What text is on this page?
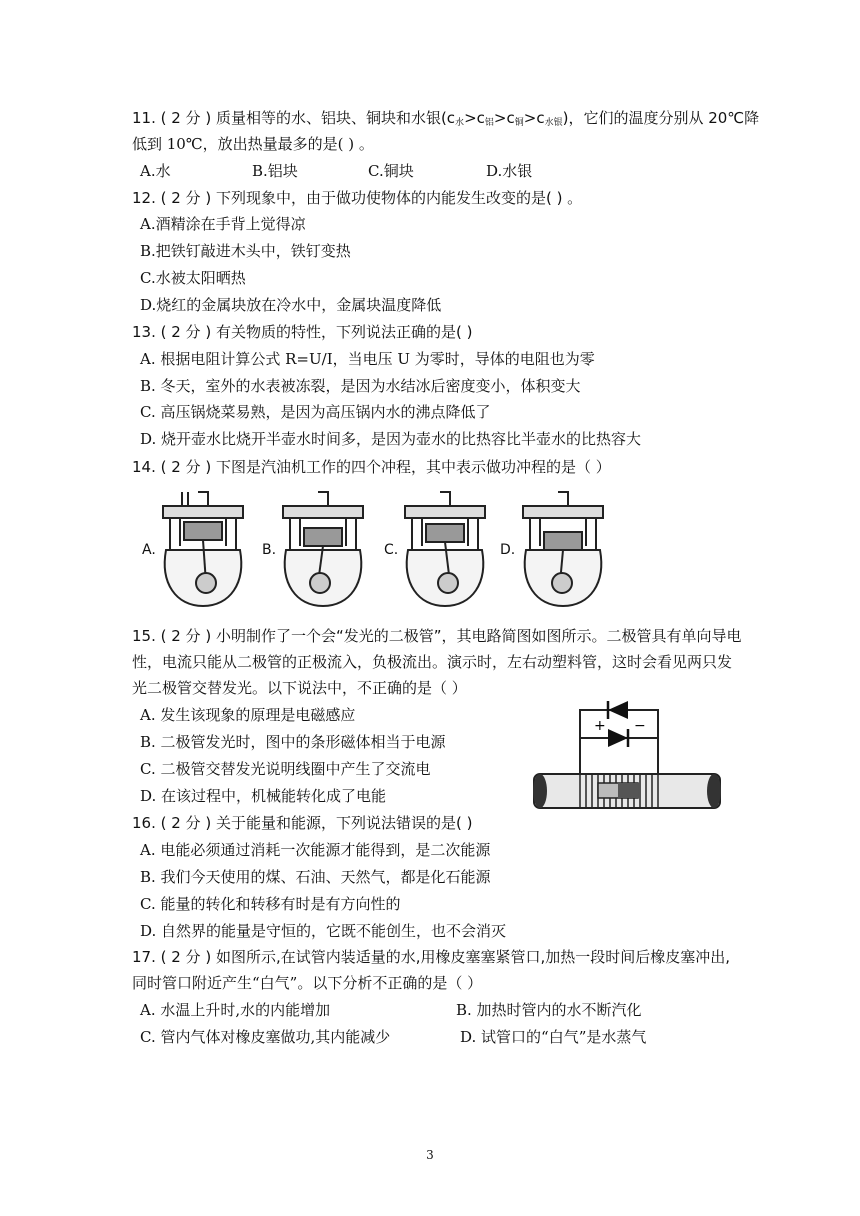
11. ( 2 分 ) 质量相等的水、铝块、铜块和水银$(c_水>c_铝>c_铜>c_{水银})$，它们的温度分别从 20℃降
低到 10℃，放出热量最多的是( ) 。
A.水	B.铝块	C.铜块	D.水银
12. ( 2 分 ) 下列现象中，由于做功使物体的内能发生改变的是( ) 。
A.酒精涂在手背上觉得凉
B.把铁钉敲进木头中，铁钉变热
C.水被太阳晒热
D.烧红的金属块放在冷水中，金属块温度降低
13. ( 2 分 ) 有关物质的特性，下列说法正确的是( )
A. 根据电阻计算公式 R=U/I，当电压 U 为零时，导体的电阻也为零
B. 冬天，室外的水表被冻裂，是因为水结冰后密度变小，体积变大
C. 高压锅烧菜易熟，是因为高压锅内水的沸点降低了
D. 烧开壶水比烧开半壶水时间多，是因为壶水的比热容比半壶水的比热容大
14. ( 2 分 ) 下图是汽油机工作的四个冲程，其中表示做功冲程的是（ ）
A.	B.	C.	D.
15. ( 2 分 ) 小明制作了一个会“发光的二极管”，其电路简图如图所示。二极管具有单向导电
性，电流只能从二极管的正极流入，负极流出。演示时，左右动塑料管，这时会看见两只发
光二极管交替发光。以下说法中，不正确的是（ ）
A. 发生该现象的原理是电磁感应
B. 二极管发光时，图中的条形磁体相当于电源
C. 二极管交替发光说明线圈中产生了交流电
D. 在该过程中，机械能转化成了电能
+ −
16. ( 2 分 ) 关于能量和能源，下列说法错误的是( )
A. 电能必须通过消耗一次能源才能得到，是二次能源
B. 我们今天使用的煤、石油、天然气，都是化石能源
C. 能量的转化和转移有时是有方向性的
D. 自然界的能量是守恒的，它既不能创生，也不会消灭
17. ( 2 分 ) 如图所示,在试管内装适量的水,用橡皮塞塞紧管口,加热一段时间后橡皮塞冲出,
同时管口附近产生“白气”。以下分析不正确的是（ ）
A. 水温上升时,水的内能增加	B. 加热时管内的水不断汽化
C. 管内气体对橡皮塞做功,其内能减少	D. 试管口的“白气”是水蒸气
3
